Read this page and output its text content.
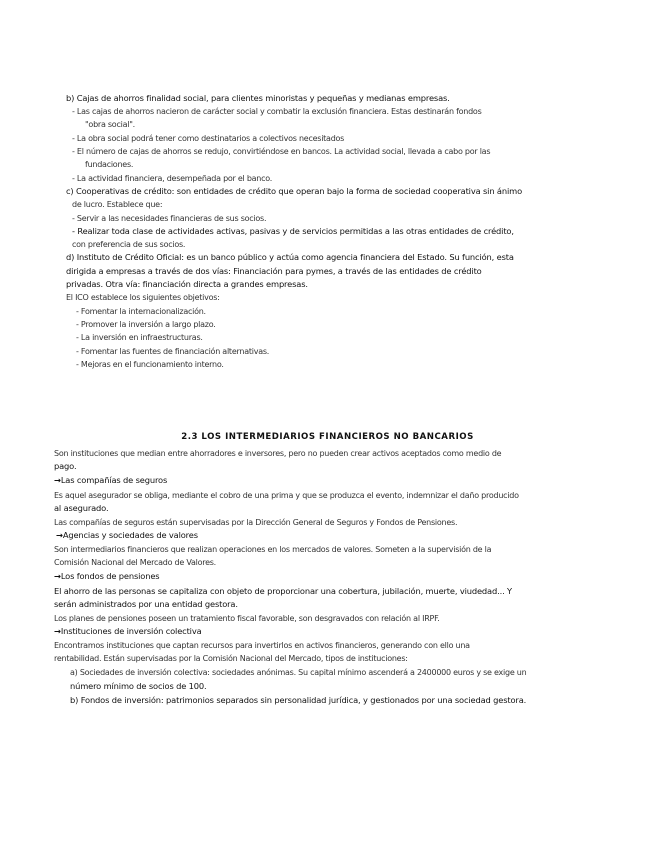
b) Cajas de ahorros finalidad social, para clientes minoristas y pequeñas y medianas empresas.
- Las cajas de ahorros nacieron de carácter social y combatir la exclusión financiera. Estas destinarán fondos
"obra social".
- La obra social podrá tener como destinatarios a colectivos necesitados
- El número de cajas de ahorros se redujo, convirtiéndose en bancos. La actividad social, llevada a cabo por las
fundaciones.
- La actividad financiera, desempeñada por el banco.
c) Cooperativas de crédito: son entidades de crédito que operan bajo la forma de sociedad cooperativa sin ánimo
de lucro. Establece que:
- Servir a las necesidades financieras de sus socios.
- Realizar toda clase de actividades activas, pasivas y de servicios permitidas a las otras entidades de crédito,
con preferencia de sus socios.
d) Instituto de Crédito Oficial: es un banco público y actúa como agencia financiera del Estado. Su función, esta
dirigida a empresas a través de dos vías: Financiación para pymes, a través de las entidades de crédito
privadas. Otra vía: financiación directa a grandes empresas.
El ICO establece los siguientes objetivos:
- Fomentar la internacionalización.
- Promover la inversión a largo plazo.
- La inversión en infraestructuras.
- Fomentar las fuentes de financiación alternativas.
- Mejoras en el funcionamiento interno.
2.3 LOS INTERMEDIARIOS FINANCIEROS NO BANCARIOS
Son instituciones que median entre ahorradores e inversores, pero no pueden crear activos aceptados como medio de
pago.
→Las compañías de seguros
Es aquel asegurador se obliga, mediante el cobro de una prima y que se produzca el evento, indemnizar el daño producido
al asegurado.
Las compañías de seguros están supervisadas por la Dirección General de Seguros y Fondos de Pensiones.
→Agencias y sociedades de valores
Son intermediarios financieros que realizan operaciones en los mercados de valores. Someten a la supervisión de la
Comisión Nacional del Mercado de Valores.
→Los fondos de pensiones
El ahorro de las personas se capitaliza con objeto de proporcionar una cobertura, jubilación, muerte, viudedad... Y
serán administrados por una entidad gestora.
Los planes de pensiones poseen un tratamiento fiscal favorable, son desgravados con relación al IRPF.
→Instituciones de inversión colectiva
Encontramos instituciones que captan recursos para invertirlos en activos financieros, generando con ello una
rentabilidad. Están supervisadas por la Comisión Nacional del Mercado, tipos de instituciones:
a) Sociedades de inversión colectiva: sociedades anónimas. Su capital mínimo ascenderá a 2400000 euros y se exige un
número mínimo de socios de 100.
b) Fondos de inversión: patrimonios separados sin personalidad jurídica, y gestionados por una sociedad gestora.
